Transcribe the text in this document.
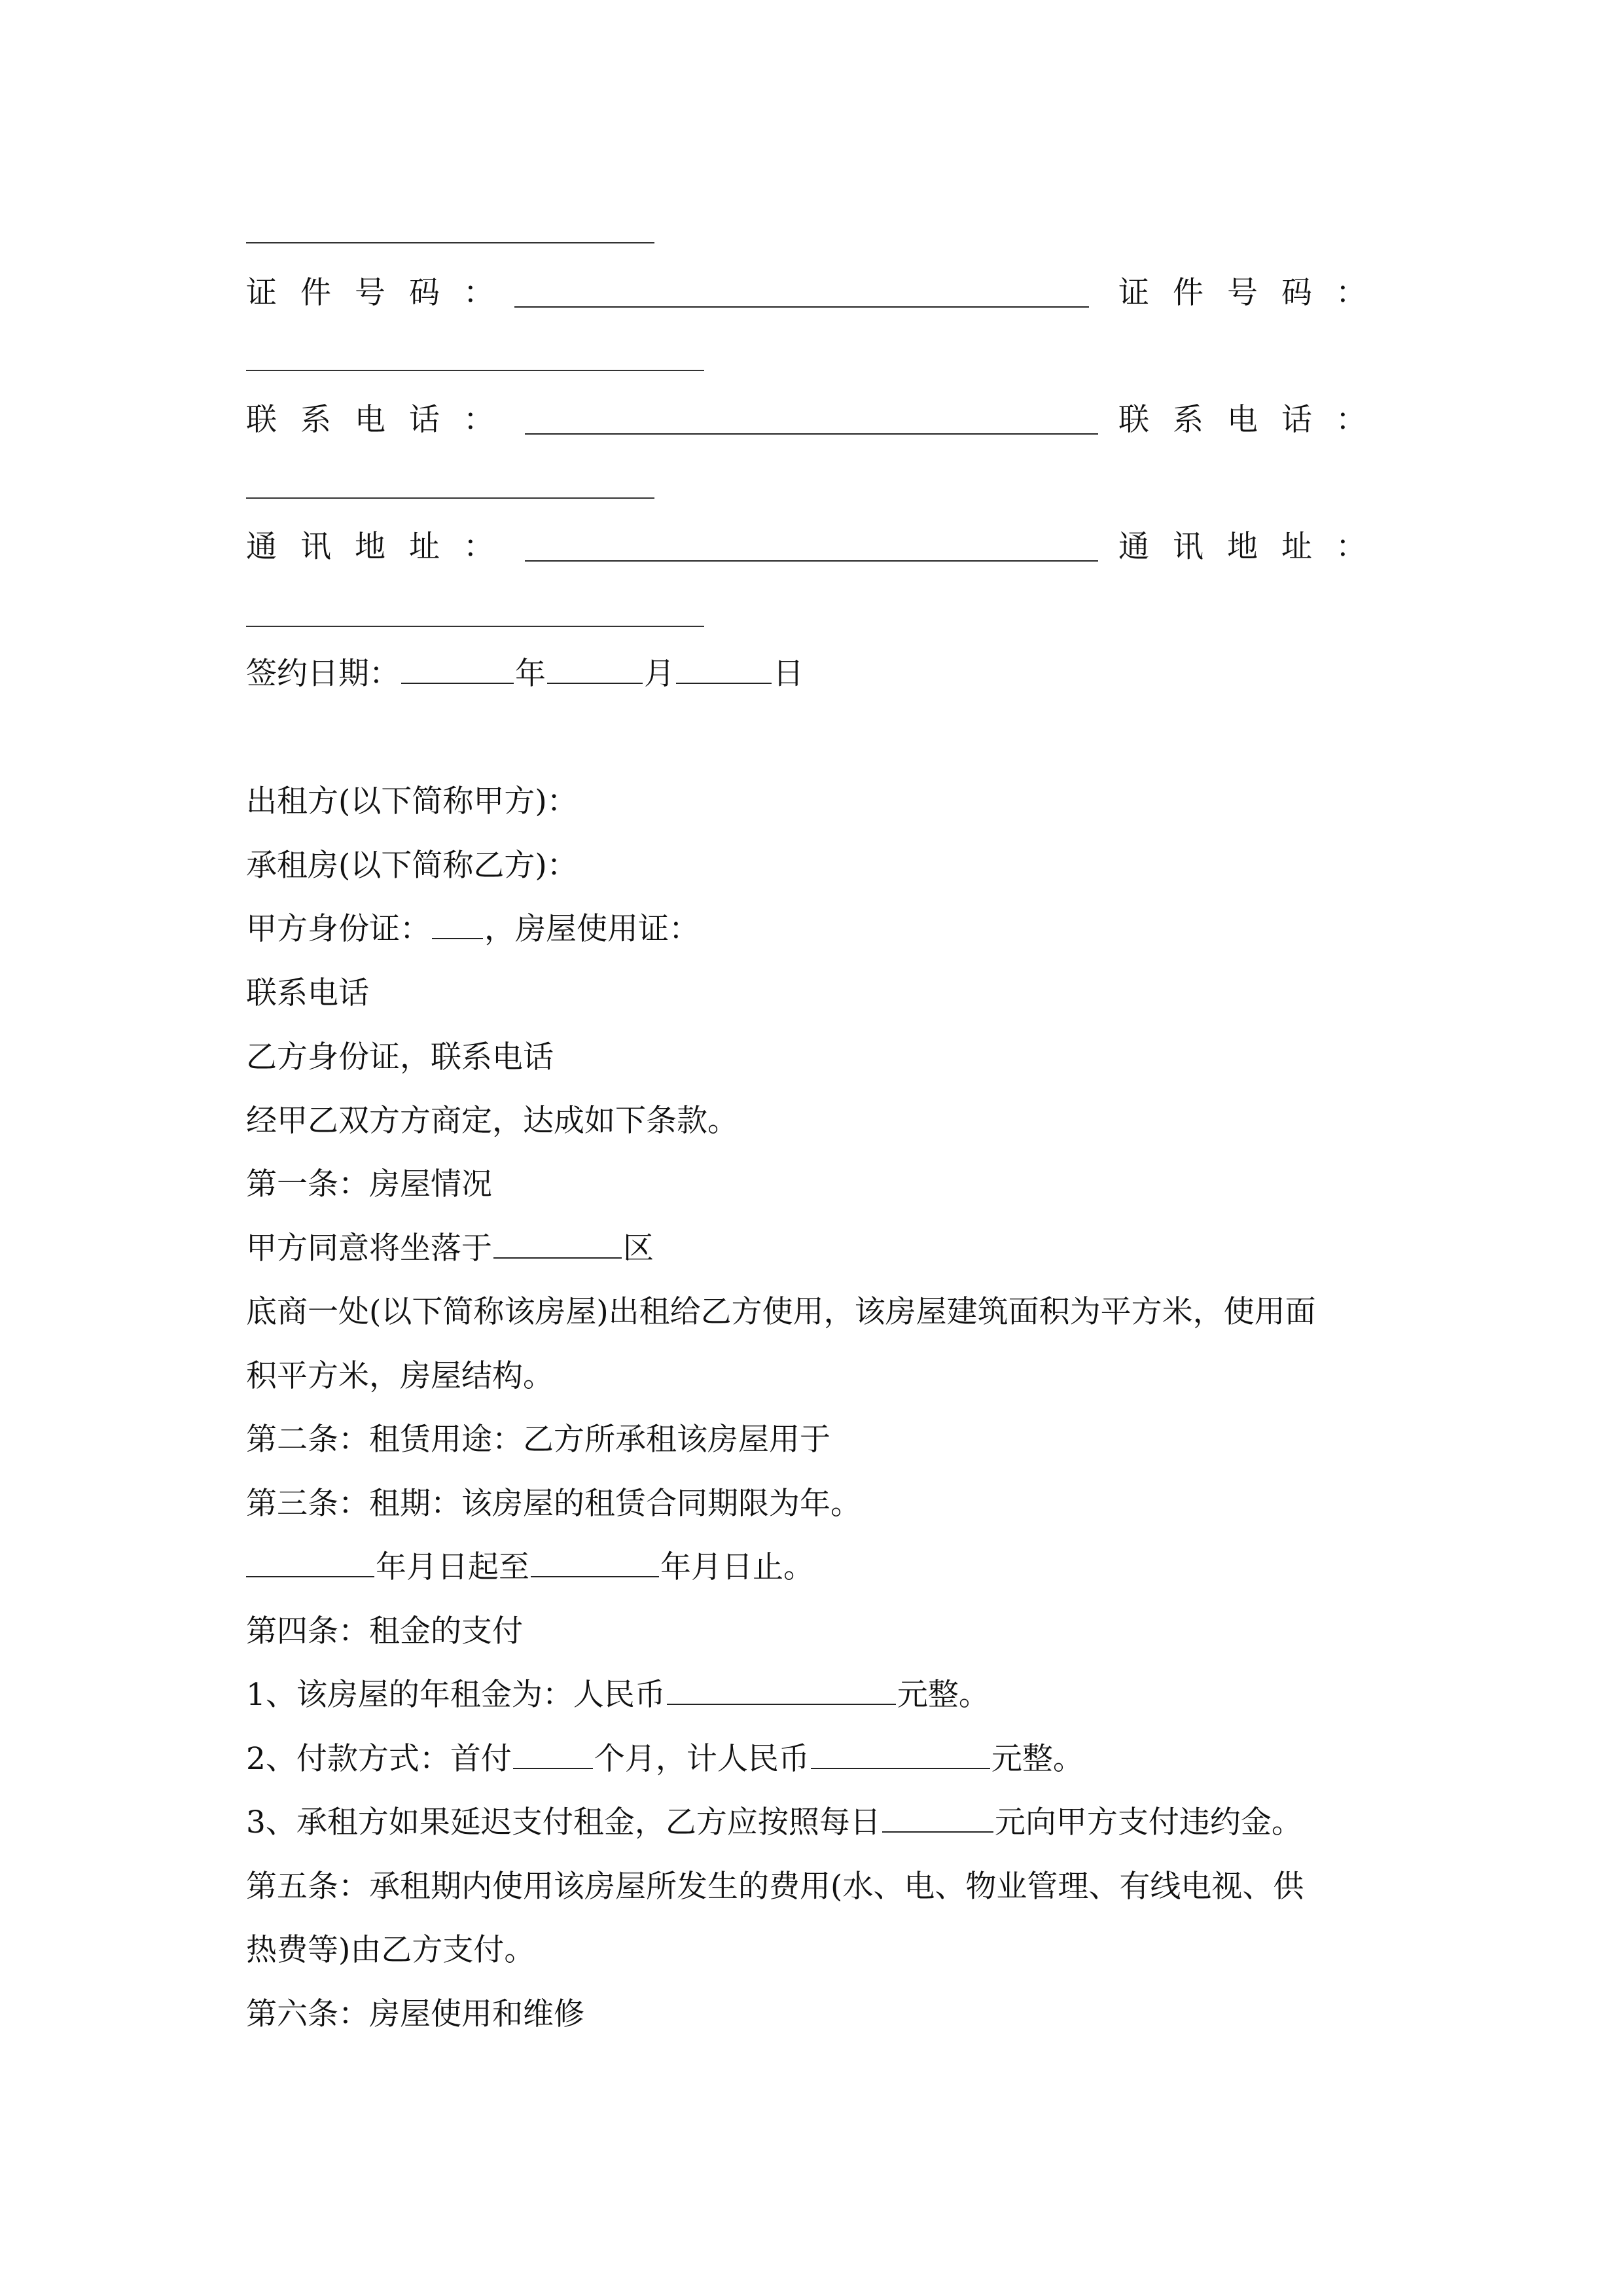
证件号码：	证件号码：
联系电话：	联系电话：
通讯地址：	通讯地址：
签约日期：	年	月	日
出租方(以下简称甲方)：
承租房(以下简称乙方)：
甲方身份证： ，房屋使用证：
联系电话
乙方身份证，联系电话
经甲乙双方方商定，达成如下条款。
第一条：房屋情况
甲方同意将坐落于	区
底商一处(以下简称该房屋)出租给乙方使用，该房屋建筑面积为平方米，使用面
积平方米，房屋结构。
第二条：租赁用途：乙方所承租该房屋用于
第三条：租期：该房屋的租赁合同期限为年。
年月日起至	年月日止。
第四条：租金的支付
1、该房屋的年租金为：人民币	元整。
2、付款方式：首付	个月，计人民币	元整。
3、承租方如果延迟支付租金，乙方应按照每日	元向甲方支付违约金。
第五条：承租期内使用该房屋所发生的费用(水、电、物业管理、有线电视、供
热费等)由乙方支付。
第六条：房屋使用和维修
